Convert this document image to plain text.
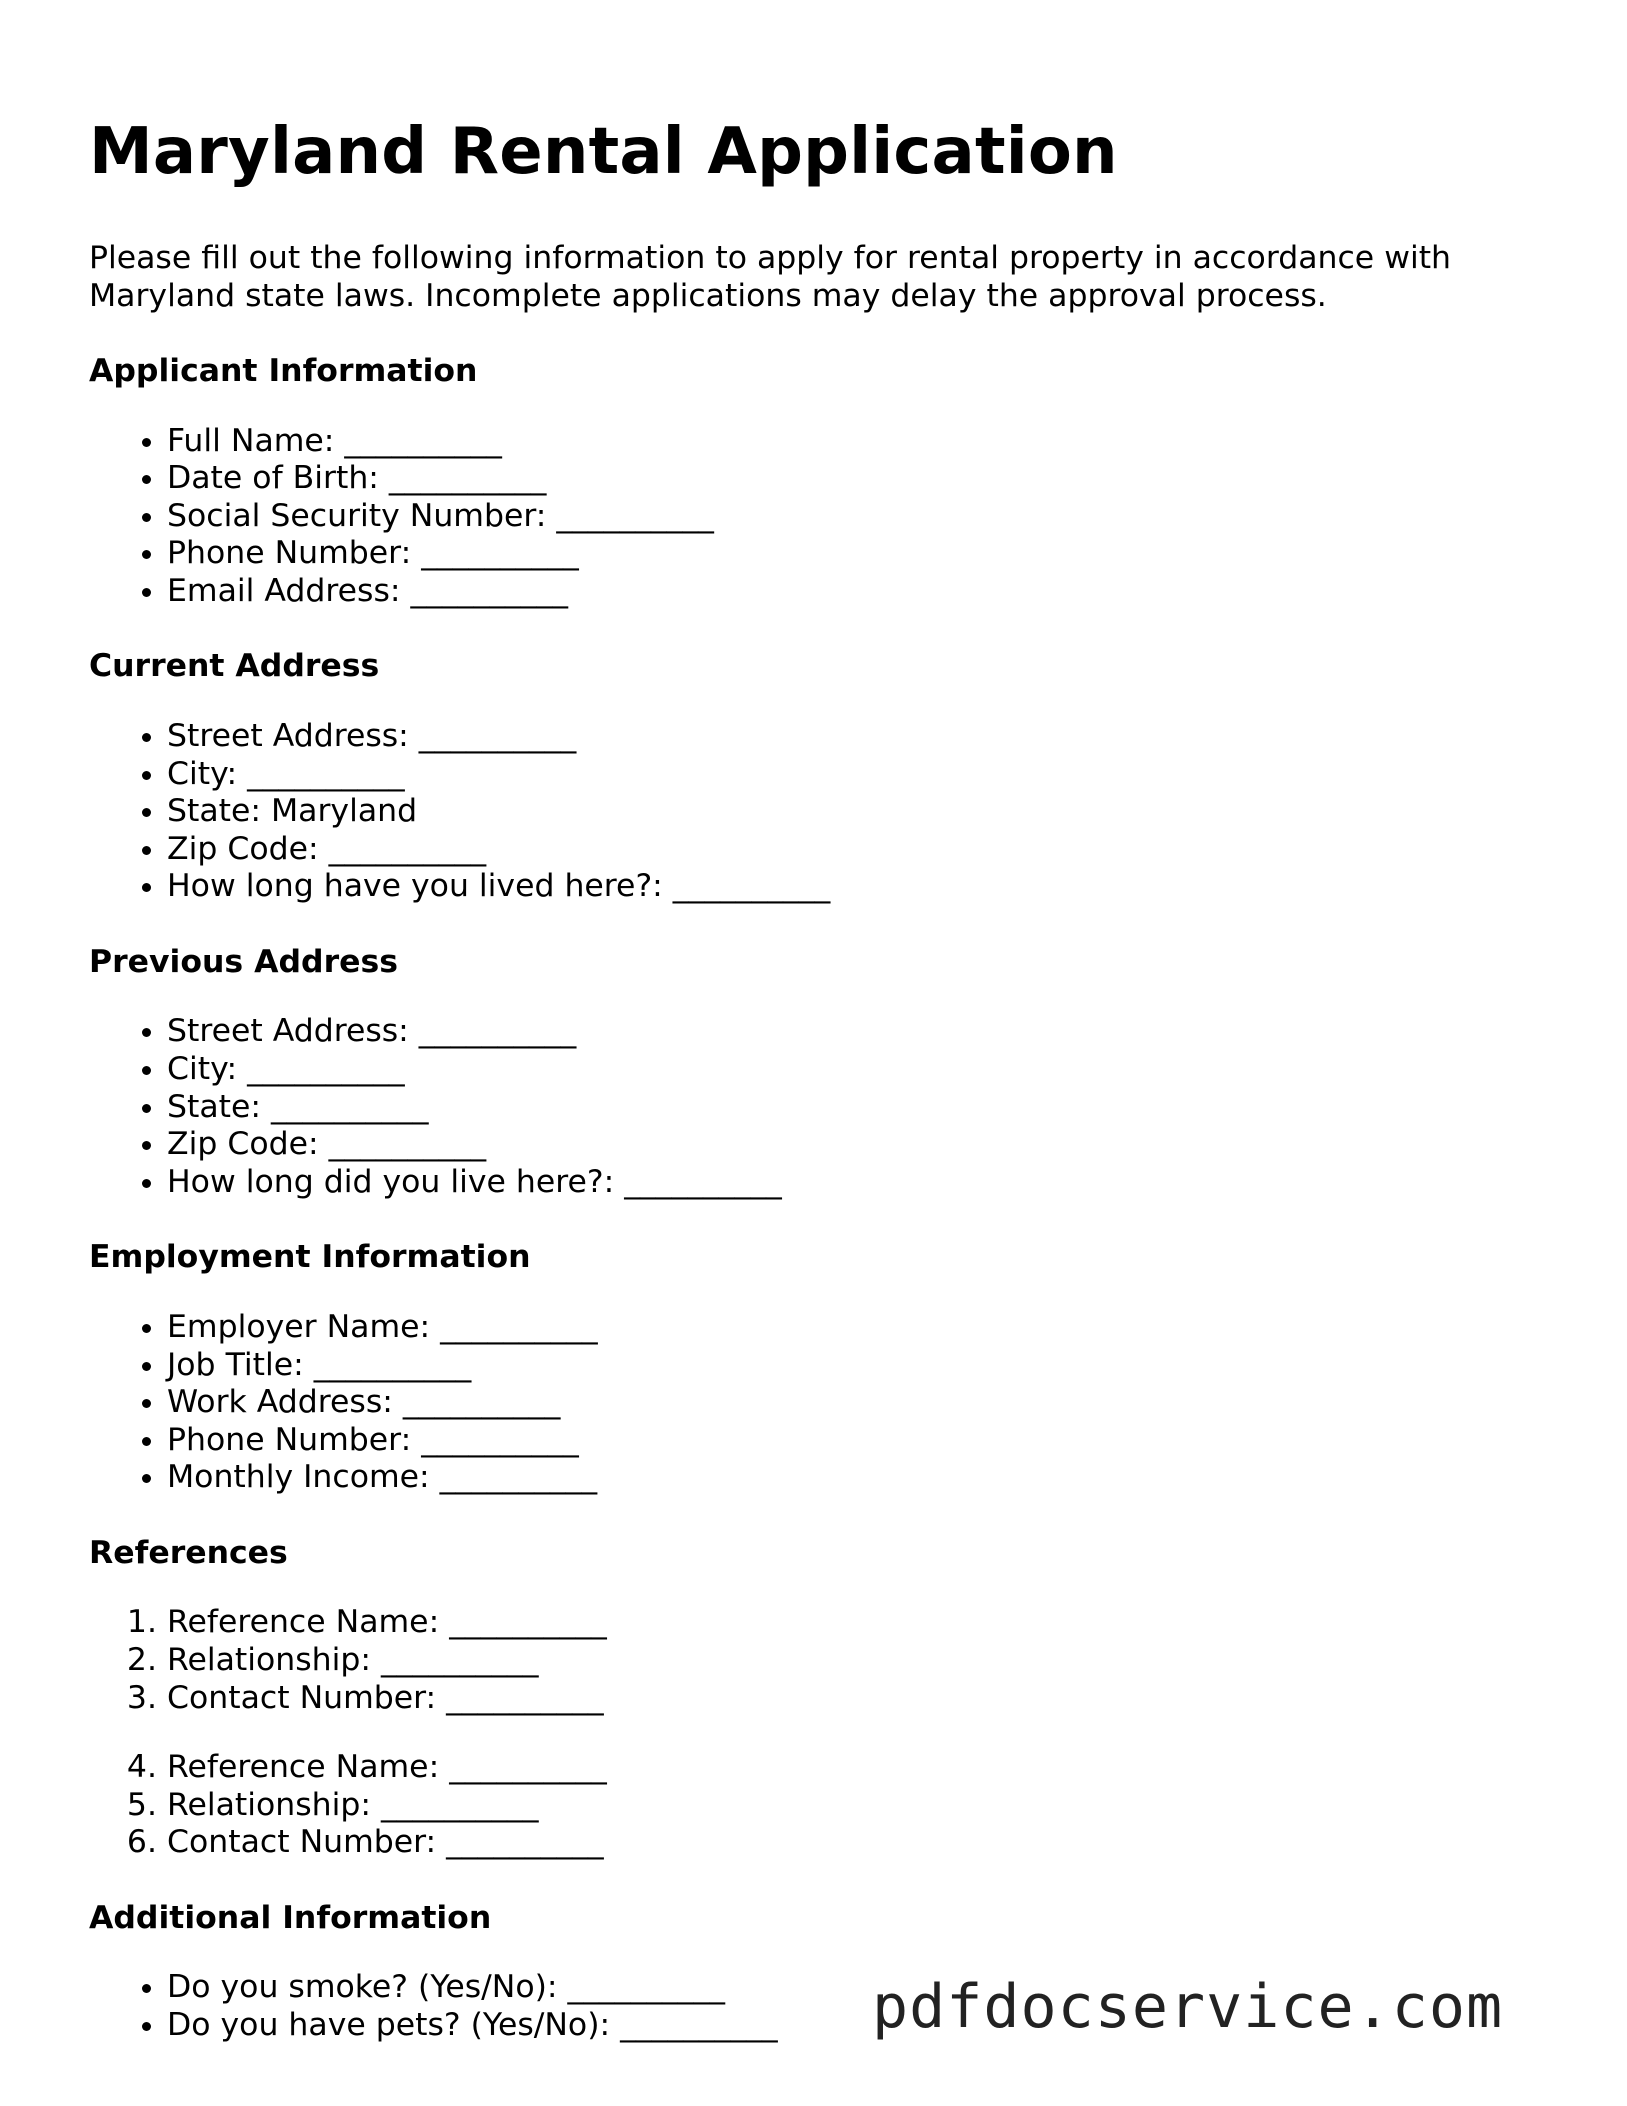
Maryland Rental Application

Please fill out the following information to apply for rental property in accordance with Maryland state laws. Incomplete applications may delay the approval process.

Applicant Information
• Full Name: __________
• Date of Birth: __________
• Social Security Number: __________
• Phone Number: __________
• Email Address: __________
Current Address
• Street Address: __________
• City: __________
• State: Maryland
• Zip Code: __________
• How long have you lived here?: __________
Previous Address
• Street Address: __________
• City: __________
• State: __________
• Zip Code: __________
• How long did you live here?: __________
Employment Information
• Employer Name: __________
• Job Title: __________
• Work Address: __________
• Phone Number: __________
• Monthly Income: __________
References
1. Reference Name: __________
2. Relationship: __________
3. Contact Number: __________
4. Reference Name: __________
5. Relationship: __________
6. Contact Number: __________
Additional Information
• Do you smoke? (Yes/No): __________
• Do you have pets? (Yes/No): __________	pdfdocservice.com
